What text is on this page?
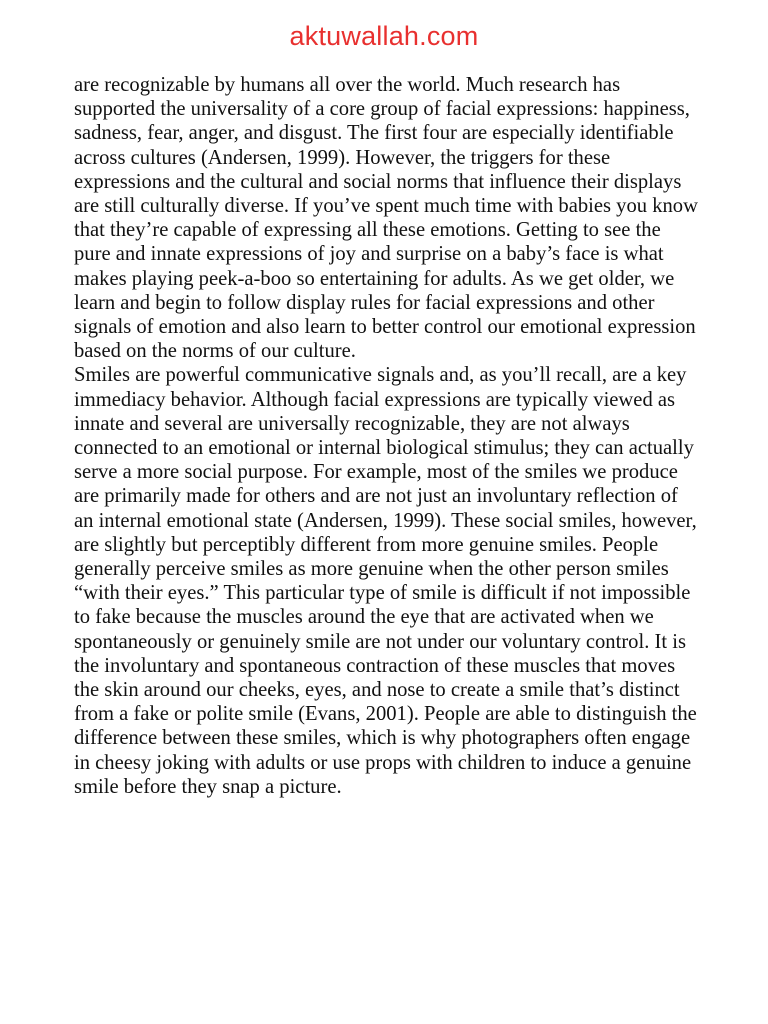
aktuwallah.com

are recognizable by humans all over the world. Much research has supported the universality of a core group of facial expressions: happiness, sadness, fear, anger, and disgust. The first four are especially identifiable across cultures (Andersen, 1999). However, the triggers for these expressions and the cultural and social norms that influence their displays are still culturally diverse. If you’ve spent much time with babies you know that they’re capable of expressing all these emotions. Getting to see the pure and innate expressions of joy and surprise on a baby’s face is what makes playing peek-a-boo so entertaining for adults. As we get older, we learn and begin to follow display rules for facial expressions and other signals of emotion and also learn to better control our emotional expression based on the norms of our culture.

Smiles are powerful communicative signals and, as you’ll recall, are a key immediacy behavior. Although facial expressions are typically viewed as innate and several are universally recognizable, they are not always connected to an emotional or internal biological stimulus; they can actually serve a more social purpose. For example, most of the smiles we produce are primarily made for others and are not just an involuntary reflection of an internal emotional state (Andersen, 1999). These social smiles, however, are slightly but perceptibly different from more genuine smiles. People generally perceive smiles as more genuine when the other person smiles “with their eyes.” This particular type of smile is difficult if not impossible to fake because the muscles around the eye that are activated when we spontaneously or genuinely smile are not under our voluntary control. It is the involuntary and spontaneous contraction of these muscles that moves the skin around our cheeks, eyes, and nose to create a smile that’s distinct from a fake or polite smile (Evans, 2001). People are able to distinguish the difference between these smiles, which is why photographers often engage in cheesy joking with adults or use props with children to induce a genuine smile before they snap a picture.
